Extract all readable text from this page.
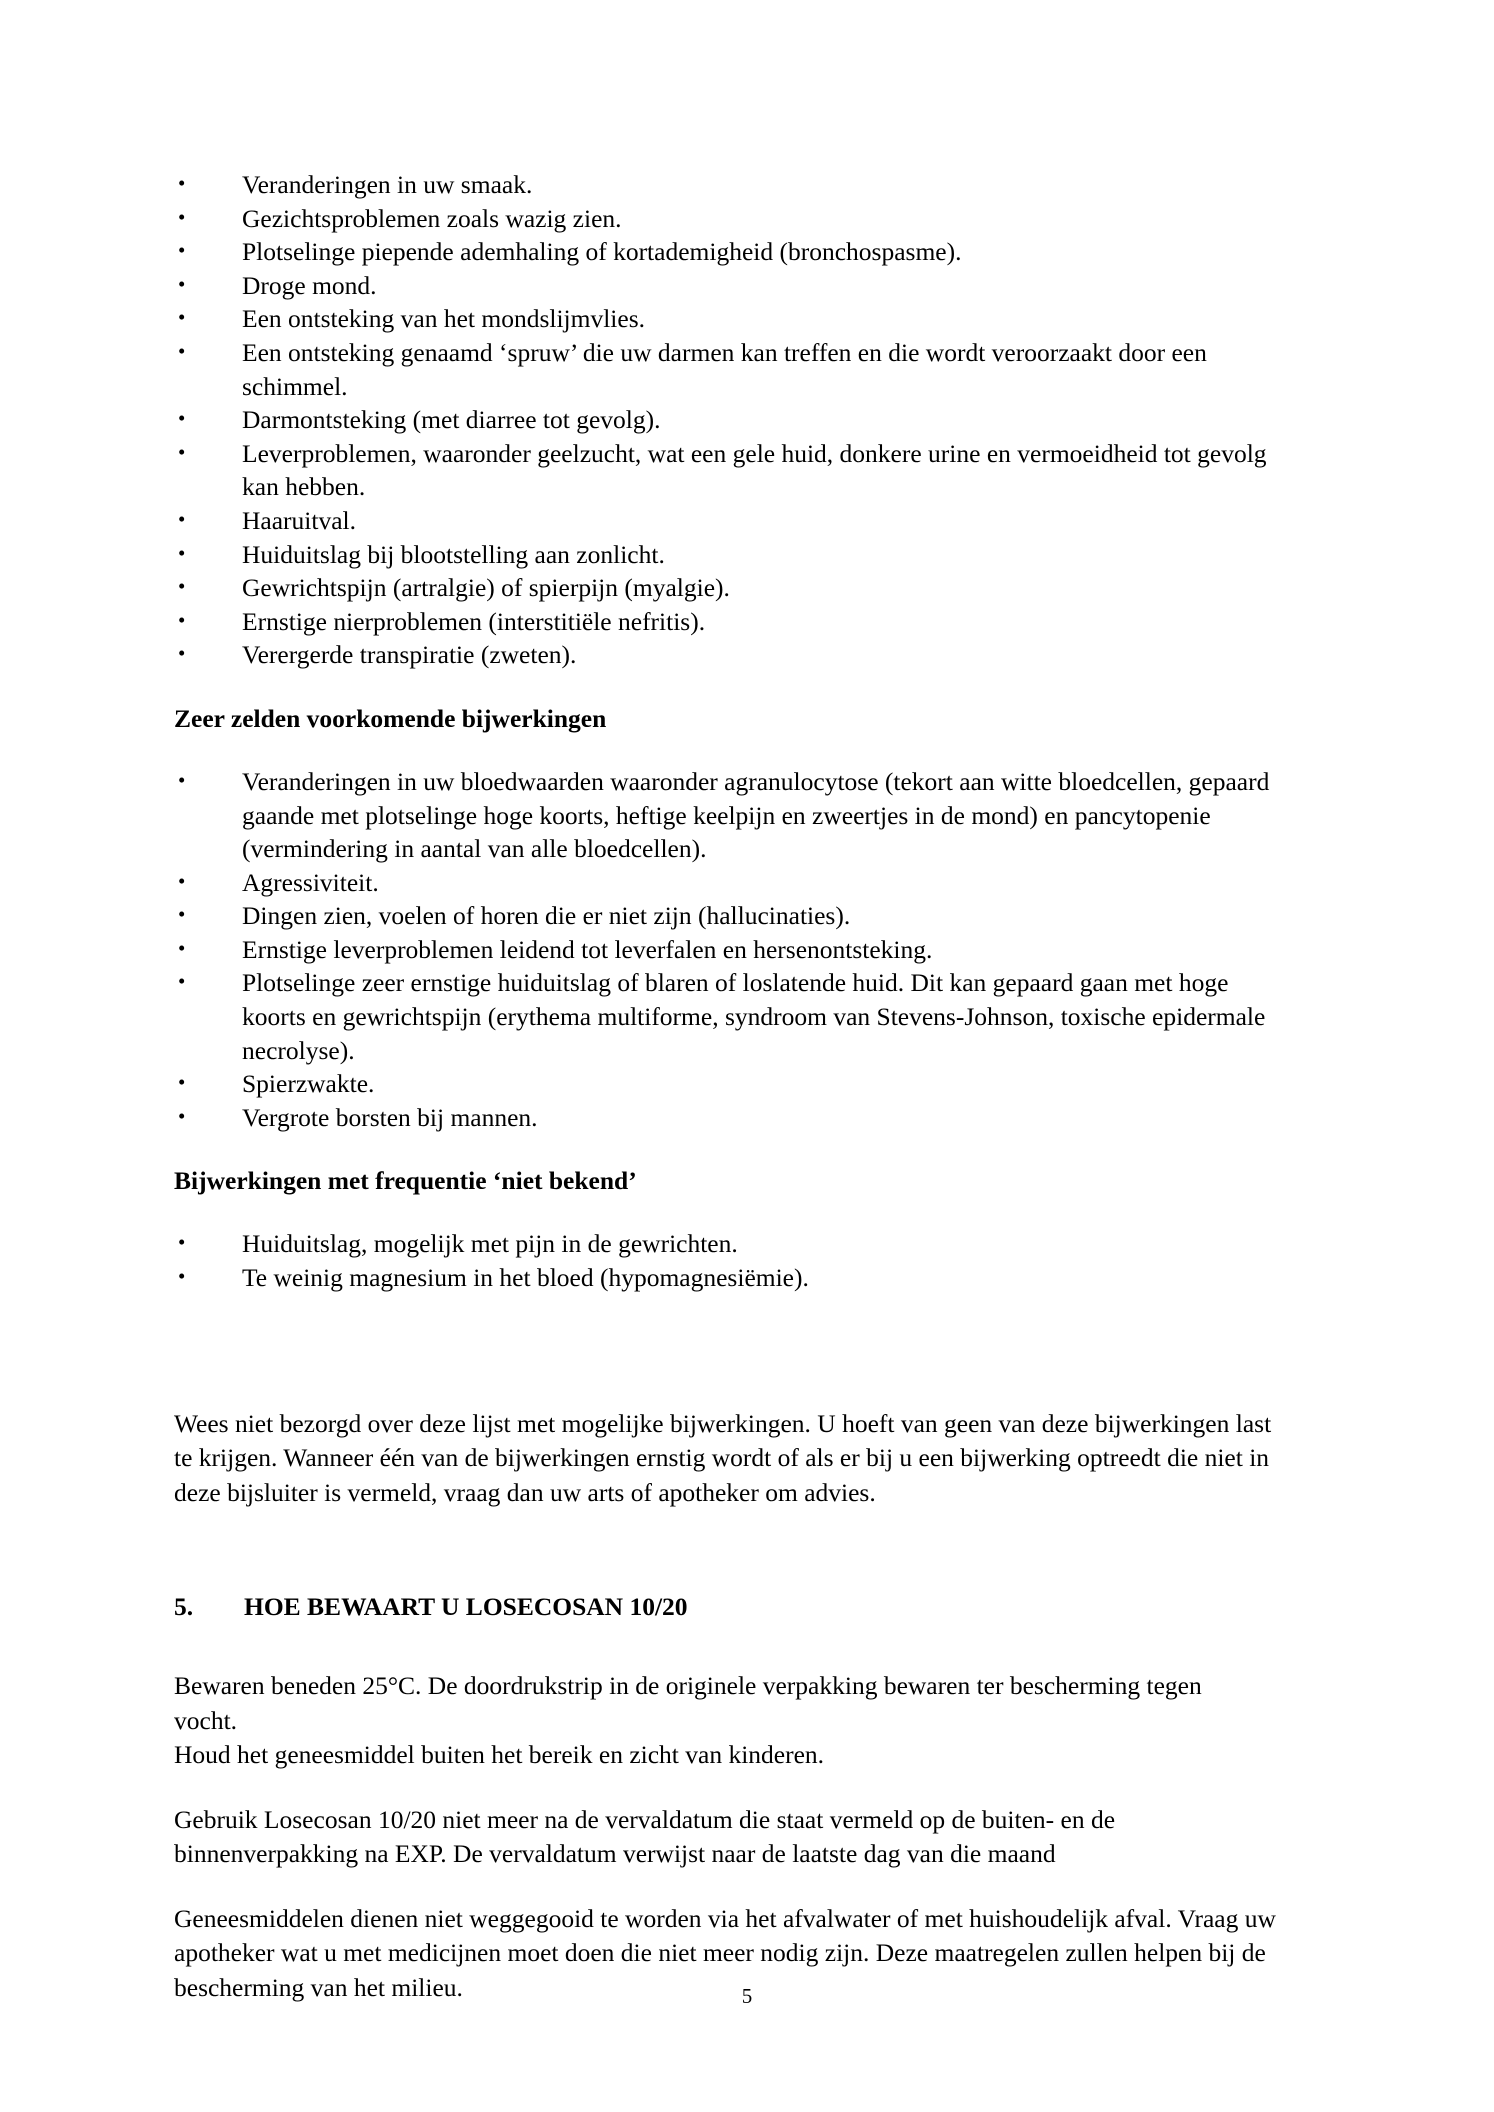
• Veranderingen in uw smaak.
• Gezichtsproblemen zoals wazig zien.
• Plotselinge piepende ademhaling of kortademigheid (bronchospasme).
• Droge mond.
• Een ontsteking van het mondslijmvlies.
• Een ontsteking genaamd ‘spruw’ die uw darmen kan treffen en die wordt veroorzaakt door een schimmel.
• Darmontsteking (met diarree tot gevolg).
• Leverproblemen, waaronder geelzucht, wat een gele huid, donkere urine en vermoeidheid tot gevolg kan hebben.
• Haaruitval.
• Huiduitslag bij blootstelling aan zonlicht.
• Gewrichtspijn (artralgie) of spierpijn (myalgie).
• Ernstige nierproblemen (interstitiële nefritis).
• Verergerde transpiratie (zweten).
Zeer zelden voorkomende bijwerkingen
• Veranderingen in uw bloedwaarden waaronder agranulocytose (tekort aan witte bloedcellen, gepaard gaande met plotselinge hoge koorts, heftige keelpijn en zweertjes in de mond) en pancytopenie (vermindering in aantal van alle bloedcellen).
• Agressiviteit.
• Dingen zien, voelen of horen die er niet zijn (hallucinaties).
• Ernstige leverproblemen leidend tot leverfalen en hersenontsteking.
• Plotselinge zeer ernstige huiduitslag of blaren of loslatende huid. Dit kan gepaard gaan met hoge koorts en gewrichtspijn (erythema multiforme, syndroom van Stevens-Johnson, toxische epidermale necrolyse).
• Spierzwakte.
• Vergrote borsten bij mannen.
Bijwerkingen met frequentie ‘niet bekend’
• Huiduitslag, mogelijk met pijn in de gewrichten.
• Te weinig magnesium in het bloed (hypomagnesiëmie).

Wees niet bezorgd over deze lijst met mogelijke bijwerkingen. U hoeft van geen van deze bijwerkingen last te krijgen. Wanneer één van de bijwerkingen ernstig wordt of als er bij u een bijwerking optreedt die niet in deze bijsluiter is vermeld, vraag dan uw arts of apotheker om advies.

5.	HOE BEWAART U LOSECOSAN 10/20

Bewaren beneden 25°C. De doordrukstrip in de originele verpakking bewaren ter bescherming tegen

vocht.

Houd het geneesmiddel buiten het bereik en zicht van kinderen.

Gebruik Losecosan 10/20 niet meer na de vervaldatum die staat vermeld op de buiten- en de binnenverpakking na EXP. De vervaldatum verwijst naar de laatste dag van die maand

Geneesmiddelen dienen niet weggegooid te worden via het afvalwater of met huishoudelijk afval. Vraag uw apotheker wat u met medicijnen moet doen die niet meer nodig zijn. Deze maatregelen zullen helpen bij de bescherming van het milieu.	5
